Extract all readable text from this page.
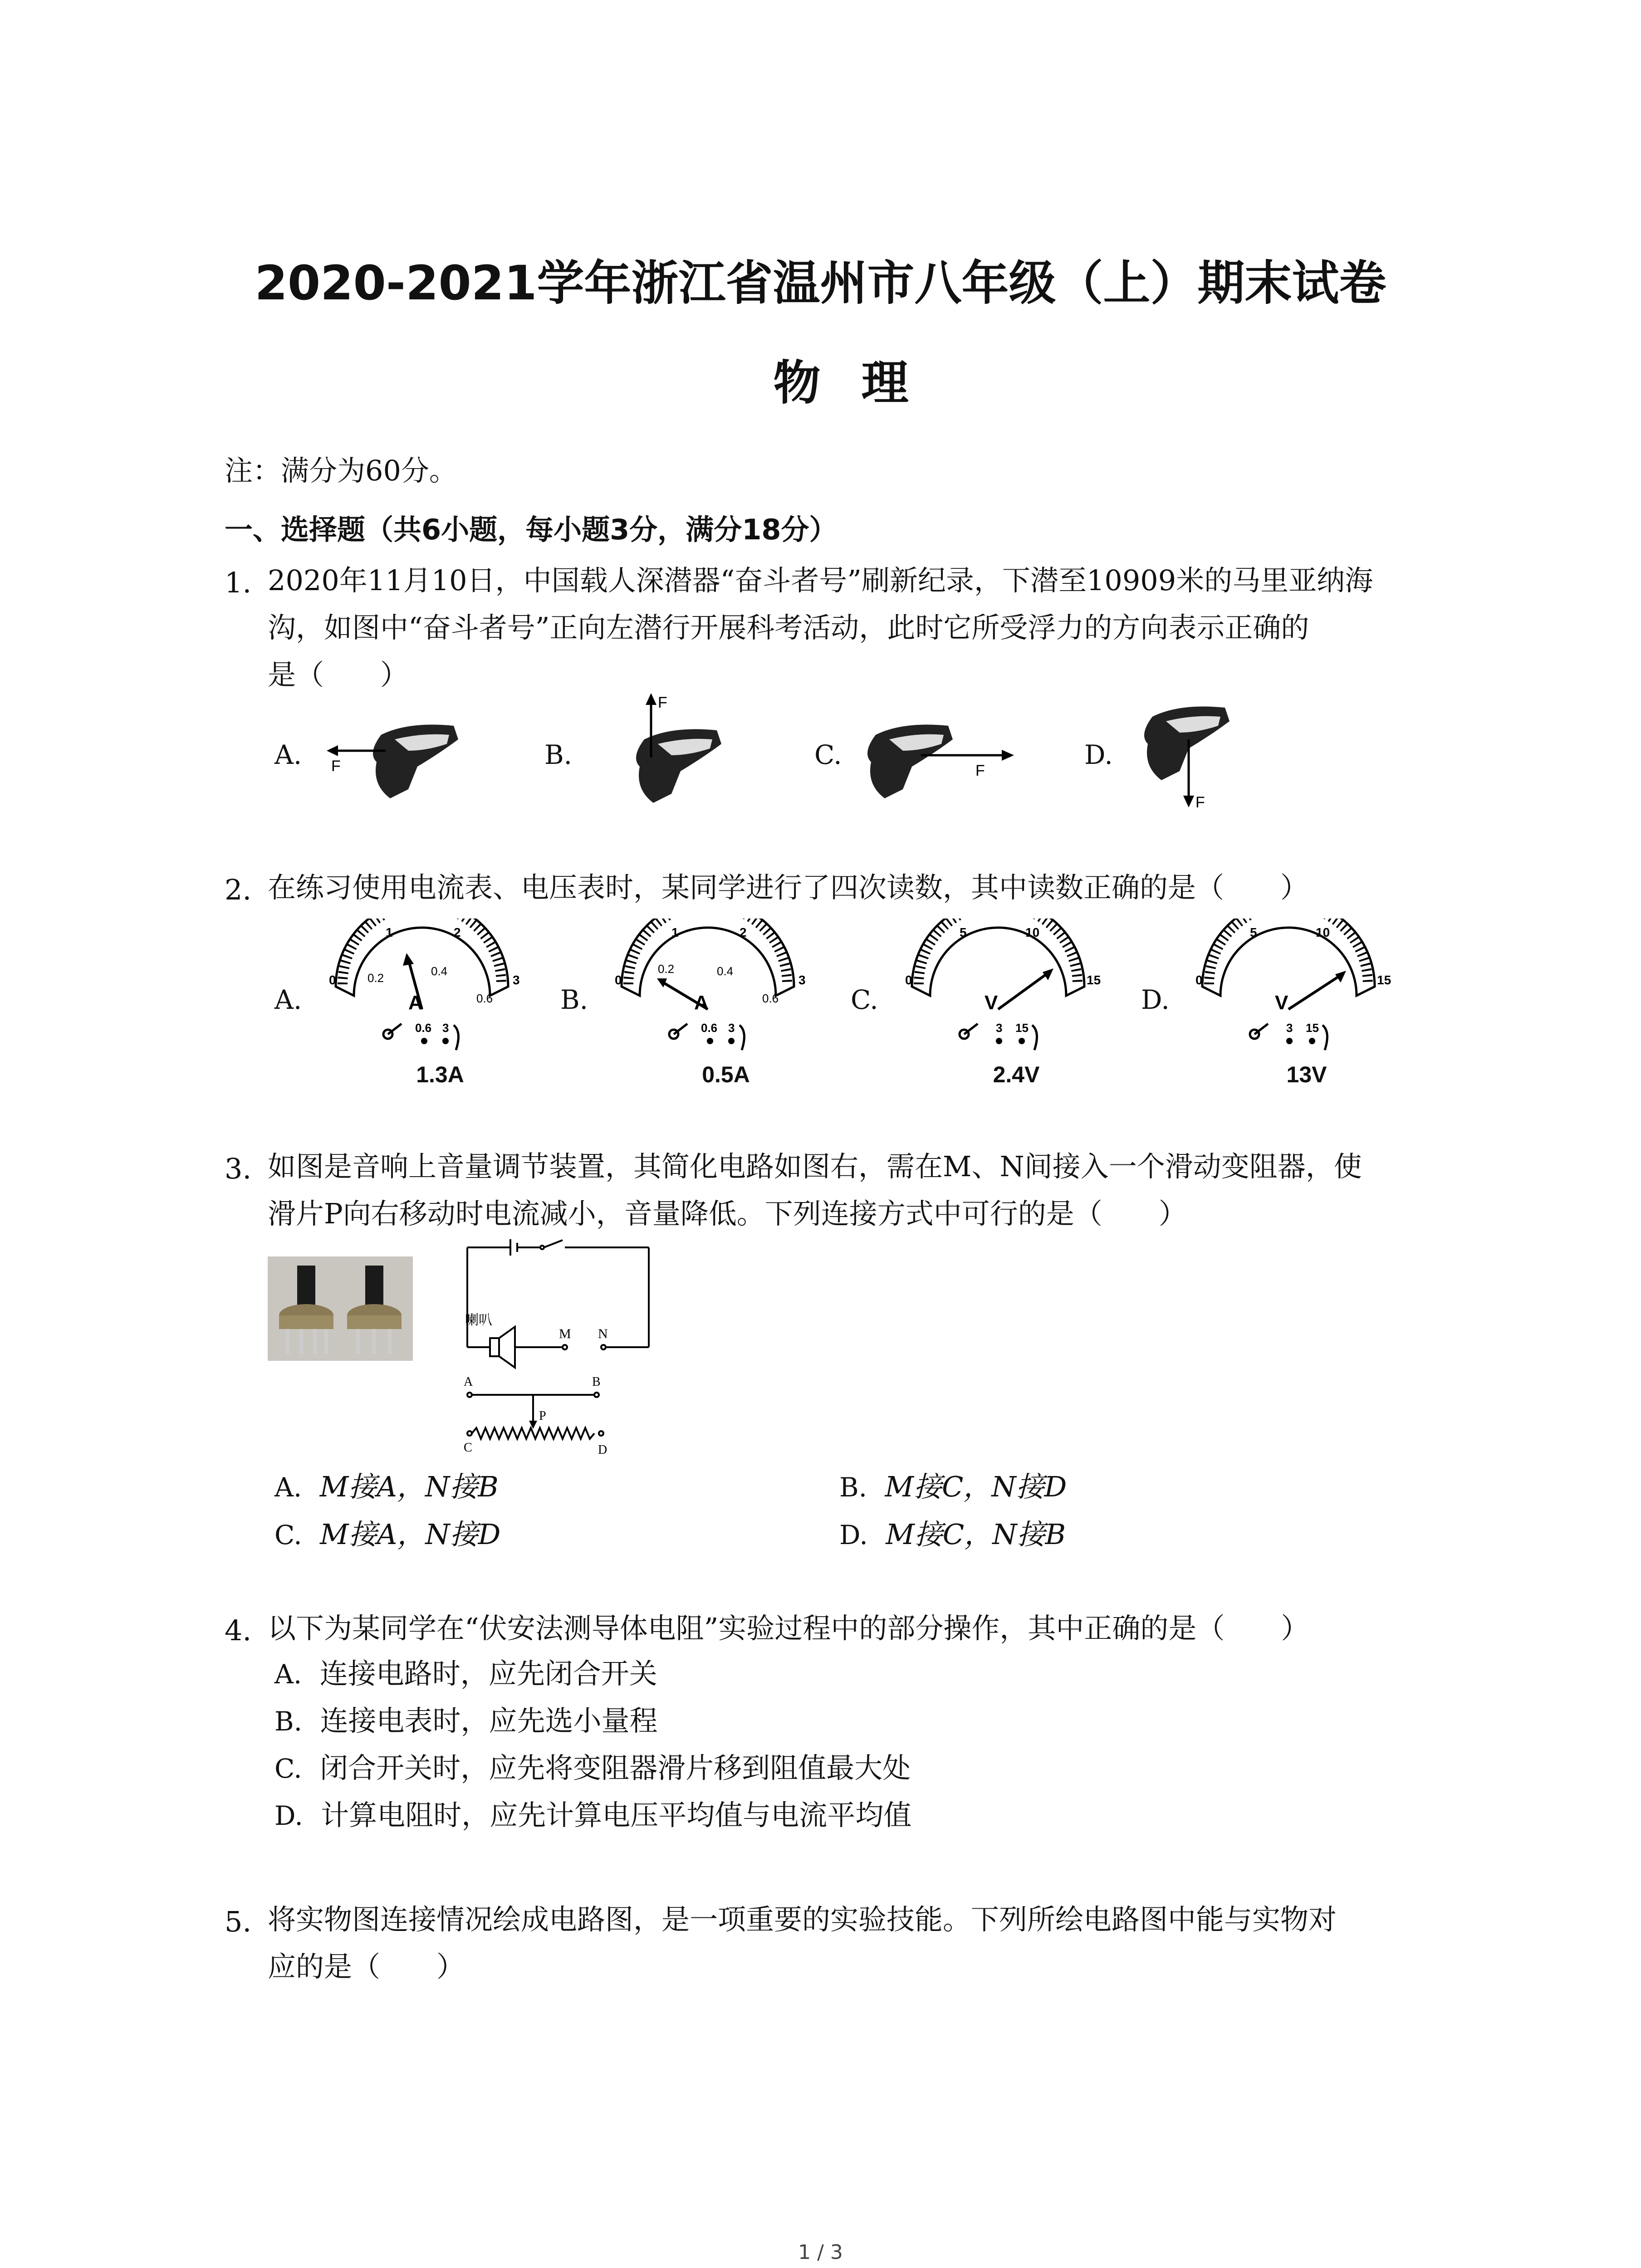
2020-2021学年浙江省温州市八年级（上）期末试卷
物理
注：满分为60分。
一、选择题（共6小题，每小题3分，满分18分）
1. 2020年11月10日，中国载人深潜器“奋斗者号”刷新纪录，下潜至10909米的马里亚纳海
沟，如图中“奋斗者号”正向左潜行开展科考活动，此时它所受浮力的方向表示正确的
是（　　）
A. F	B.
F
C.
F
D.
F
2. 在练习使用电流表、电压表时，某同学进行了四次读数，其中读数正确的是（　　）
A.	A
0
1	2
3
0.2	0.4
0.6
0.6 3
1.3A
B.	A
0
1	2
3
0.2	0.4
0.6
0.6 3
0.5A
C.	V
0
5	10
15
3 15
2.4V
D.	V
0
5	10
15
3 15
13V
3. 如图是音响上音量调节装置，其简化电路如图右，需在M、N间接入一个滑动变阻器，使
滑片P向右移动时电流减小，音量降低。下列连接方式中可行的是（　　）
喇叭
M N
A	B
P
C	D
A. M接A，N接B	B. M接C，N接D
C. M接A，N接D	D. M接C，N接B
4. 以下为某同学在“伏安法测导体电阻”实验过程中的部分操作，其中正确的是（　　）
A. 连接电路时，应先闭合开关
B. 连接电表时，应先选小量程
C. 闭合开关时，应先将变阻器滑片移到阻值最大处
D. 计算电阻时，应先计算电压平均值与电流平均值
5. 将实物图连接情况绘成电路图，是一项重要的实验技能。下列所绘电路图中能与实物对
应的是（　　）
1 / 3
